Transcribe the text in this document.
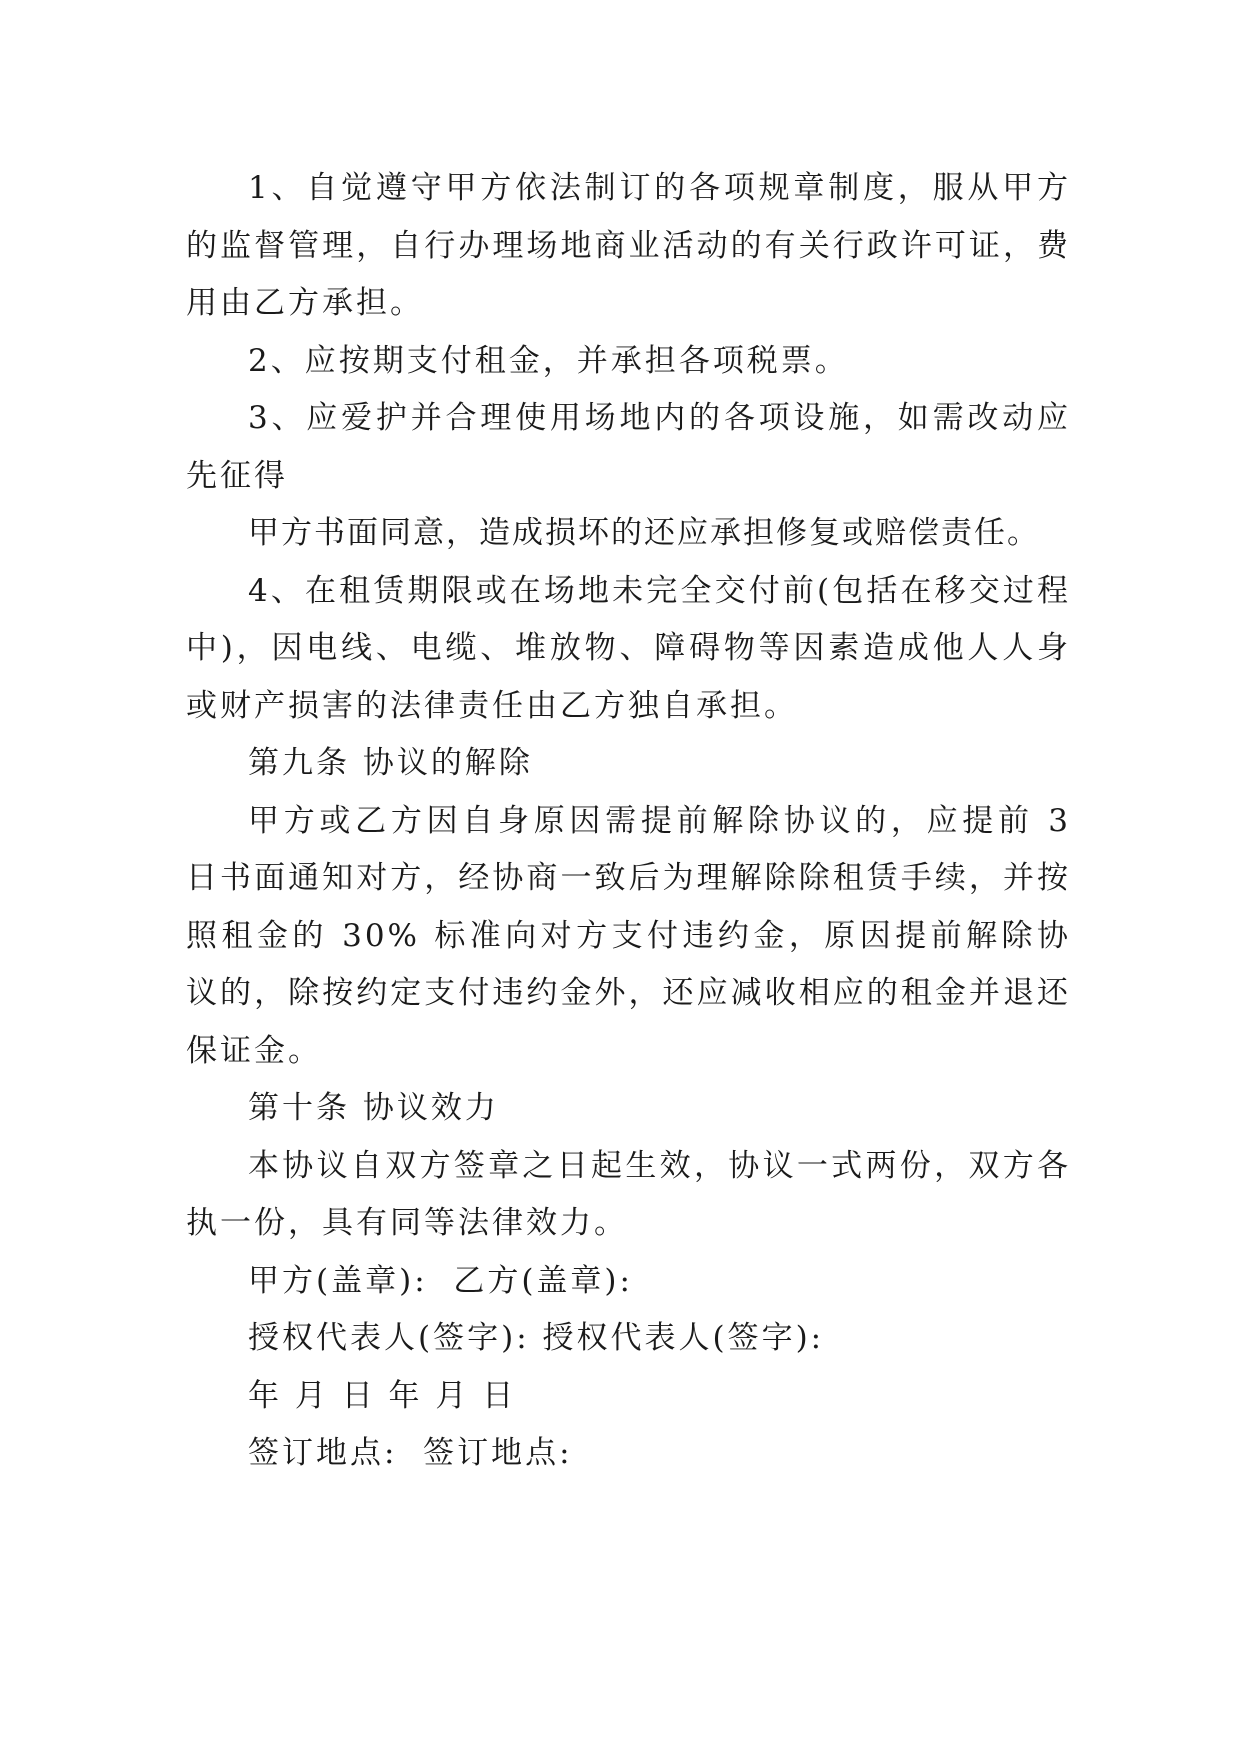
1、自觉遵守甲方依法制订的各项规章制度，服从甲方的监督管理，自行办理场地商业活动的有关行政许可证，费用由乙方承担。

2、应按期支付租金，并承担各项税票。

3、应爱护并合理使用场地内的各项设施，如需改动应先征得

甲方书面同意，造成损坏的还应承担修复或赔偿责任。

4、在租赁期限或在场地未完全交付前(包括在移交过程中)，因电线、电缆、堆放物、障碍物等因素造成他人人身或财产损害的法律责任由乙方独自承担。

第九条 协议的解除

甲方或乙方因自身原因需提前解除协议的，应提前 3 日书面通知对方，经协商一致后为理解除除租赁手续，并按照租金的 30% 标准向对方支付违约金，原因提前解除协议的，除按约定支付违约金外，还应减收相应的租金并退还保证金。

第十条 协议效力

本协议自双方签章之日起生效，协议一式两份，双方各执一份，具有同等法律效力。

甲方(盖章):  乙方(盖章):

授权代表人(签字): 授权代表人(签字):

年 月 日 年 月 日

签订地点:  签订地点:
